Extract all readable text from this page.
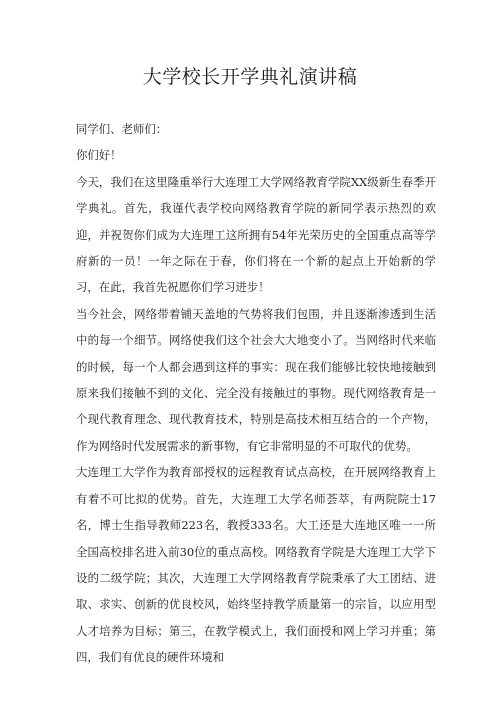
大学校长开学典礼演讲稿

同学们、老师们：

你们好！

今天，我们在这里隆重举行大连理工大学网络教育学院XX级新生春季开学典礼。首先，我谨代表学校向网络教育学院的新同学表示热烈的欢迎，并祝贺你们成为大连理工这所拥有54年光荣历史的全国重点高等学府新的一员！一年之际在于春，你们将在一个新的起点上开始新的学习，在此，我首先祝愿你们学习进步！

当今社会，网络带着铺天盖地的气势将我们包围，并且逐渐渗透到生活中的每一个细节。网络使我们这个社会大大地变小了。当网络时代来临的时候，每一个人都会遇到这样的事实：现在我们能够比较快地接触到原来我们接触不到的文化、完全没有接触过的事物。现代网络教育是一个现代教育理念、现代教育技术，特别是高技术相互结合的一个产物，作为网络时代发展需求的新事物，有它非常明显的不可取代的优势。

大连理工大学作为教育部授权的远程教育试点高校，在开展网络教育上有着不可比拟的优势。首先，大连理工大学名师荟萃，有两院院士17名，博士生指导教师223名，教授333名。大工还是大连地区唯一一所全国高校排名进入前30位的重点高校。网络教育学院是大连理工大学下设的二级学院；其次，大连理工大学网络教育学院秉承了大工团结、进取、求实、创新的优良校风，始终坚持教学质量第一的宗旨，以应用型人才培养为目标；第三，在教学模式上，我们面授和网上学习并重；第四，我们有优良的硬件环境和
